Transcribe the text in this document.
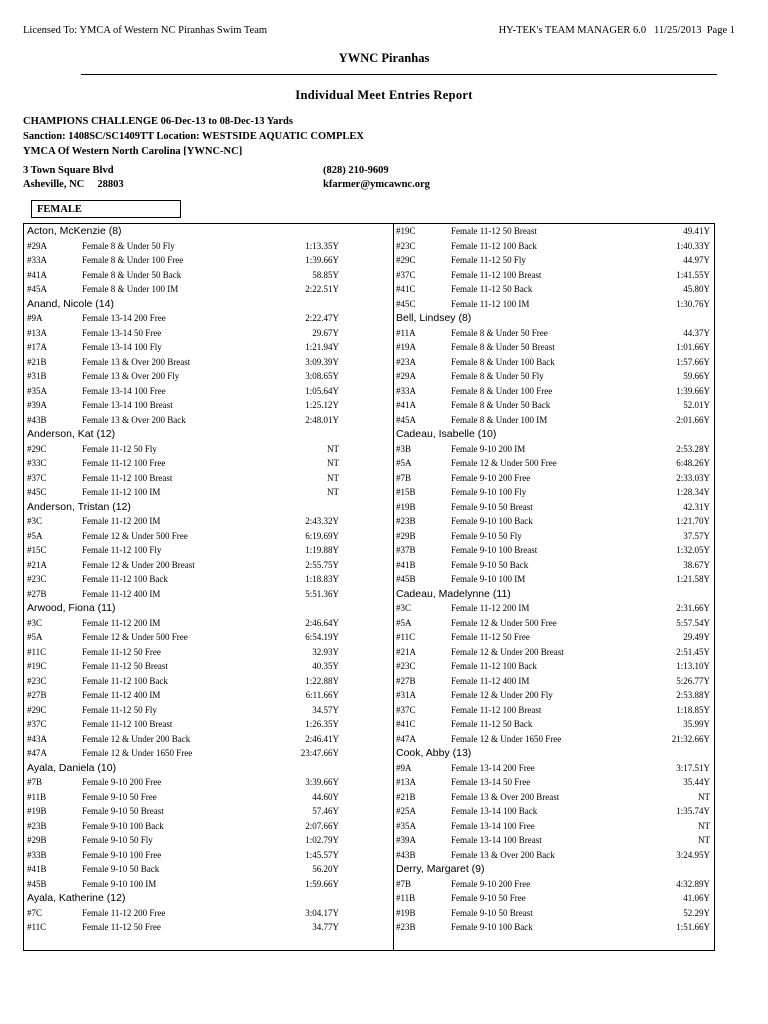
Licensed To: YMCA of Western NC Piranhas Swim Team	HY-TEK's TEAM MANAGER 6.0 11/25/2013 Page 1
YWNC Piranhas
Individual Meet Entries Report
CHAMPIONS CHALLENGE 06-Dec-13 to 08-Dec-13 Yards
Sanction: 1408SC/SC1409TT Location: WESTSIDE AQUATIC COMPLEX
YMCA Of Western North Carolina [YWNC-NC]
3 Town Square Blvd
Asheville, NC     28803
(828) 210-9609
kfarmer@ymcawnc.org
FEMALE
Acton, McKenzie (8)
#29A	Female 8 & Under 50 Fly	1:13.35Y
#33A	Female 8 & Under 100 Free	1:39.66Y
#41A	Female 8 & Under 50 Back	58.85Y
#45A	Female 8 & Under 100 IM	2:22.51Y
Anand, Nicole (14)
#9A	Female 13-14 200 Free	2:22.47Y
#13A	Female 13-14 50 Free	29.67Y
#17A	Female 13-14 100 Fly	1:21.94Y
#21B	Female 13 & Over 200 Breast	3:09.39Y
#31B	Female 13 & Over 200 Fly	3:08.65Y
#35A	Female 13-14 100 Free	1:05.64Y
#39A	Female 13-14 100 Breast	1:25.12Y
#43B	Female 13 & Over 200 Back	2:48.01Y
Anderson, Kat (12)
#29C	Female 11-12 50 Fly	NT
#33C	Female 11-12 100 Free	NT
#37C	Female 11-12 100 Breast	NT
#45C	Female 11-12 100 IM	NT
Anderson, Tristan (12)
#3C	Female 11-12 200 IM	2:43.32Y
#5A	Female 12 & Under 500 Free	6:19.69Y
#15C	Female 11-12 100 Fly	1:19.88Y
#21A	Female 12 & Under 200 Breast	2:55.75Y
#23C	Female 11-12 100 Back	1:18.83Y
#27B	Female 11-12 400 IM	5:51.36Y
Arwood, Fiona (11)
#3C	Female 11-12 200 IM	2:46.64Y
#5A	Female 12 & Under 500 Free	6:54.19Y
#11C	Female 11-12 50 Free	32.93Y
#19C	Female 11-12 50 Breast	40.35Y
#23C	Female 11-12 100 Back	1:22.88Y
#27B	Female 11-12 400 IM	6:11.66Y
#29C	Female 11-12 50 Fly	34.57Y
#37C	Female 11-12 100 Breast	1:26.35Y
#43A	Female 12 & Under 200 Back	2:46.41Y
#47A	Female 12 & Under 1650 Free	23:47.66Y
Ayala, Daniela (10)
#7B	Female 9-10 200 Free	3:39.66Y
#11B	Female 9-10 50 Free	44.60Y
#19B	Female 9-10 50 Breast	57.46Y
#23B	Female 9-10 100 Back	2:07.66Y
#29B	Female 9-10 50 Fly	1:02.79Y
#33B	Female 9-10 100 Free	1:45.57Y
#41B	Female 9-10 50 Back	56.20Y
#45B	Female 9-10 100 IM	1:59.66Y
Ayala, Katherine (12)
#7C	Female 11-12 200 Free	3:04.17Y
#11C	Female 11-12 50 Free	34.77Y
#19C	Female 11-12 50 Breast	49.41Y
#23C	Female 11-12 100 Back	1:40.33Y
#29C	Female 11-12 50 Fly	44.97Y
#37C	Female 11-12 100 Breast	1:41.55Y
#41C	Female 11-12 50 Back	45.80Y
#45C	Female 11-12 100 IM	1:30.76Y
Bell, Lindsey (8)
#11A	Female 8 & Under 50 Free	44.37Y
#19A	Female 8 & Under 50 Breast	1:01.66Y
#23A	Female 8 & Under 100 Back	1:57.66Y
#29A	Female 8 & Under 50 Fly	59.66Y
#33A	Female 8 & Under 100 Free	1:39.66Y
#41A	Female 8 & Under 50 Back	52.01Y
#45A	Female 8 & Under 100 IM	2:01.66Y
Cadeau, Isabelle (10)
#3B	Female 9-10 200 IM	2:53.28Y
#5A	Female 12 & Under 500 Free	6:48.26Y
#7B	Female 9-10 200 Free	2:33.03Y
#15B	Female 9-10 100 Fly	1:28.34Y
#19B	Female 9-10 50 Breast	42.31Y
#23B	Female 9-10 100 Back	1:21.70Y
#29B	Female 9-10 50 Fly	37.57Y
#37B	Female 9-10 100 Breast	1:32.05Y
#41B	Female 9-10 50 Back	38.67Y
#45B	Female 9-10 100 IM	1:21.58Y
Cadeau, Madelynne (11)
#3C	Female 11-12 200 IM	2:31.66Y
#5A	Female 12 & Under 500 Free	5:57.54Y
#11C	Female 11-12 50 Free	29.49Y
#21A	Female 12 & Under 200 Breast	2:51.45Y
#23C	Female 11-12 100 Back	1:13.10Y
#27B	Female 11-12 400 IM	5:26.77Y
#31A	Female 12 & Under 200 Fly	2:53.88Y
#37C	Female 11-12 100 Breast	1:18.85Y
#41C	Female 11-12 50 Back	35.99Y
#47A	Female 12 & Under 1650 Free	21:32.66Y
Cook, Abby (13)
#9A	Female 13-14 200 Free	3:17.51Y
#13A	Female 13-14 50 Free	35.44Y
#21B	Female 13 & Over 200 Breast	NT
#25A	Female 13-14 100 Back	1:35.74Y
#35A	Female 13-14 100 Free	NT
#39A	Female 13-14 100 Breast	NT
#43B	Female 13 & Over 200 Back	3:24.95Y
Derry, Margaret (9)
#7B	Female 9-10 200 Free	4:32.89Y
#11B	Female 9-10 50 Free	41.06Y
#19B	Female 9-10 50 Breast	52.29Y
#23B	Female 9-10 100 Back	1:51.66Y
